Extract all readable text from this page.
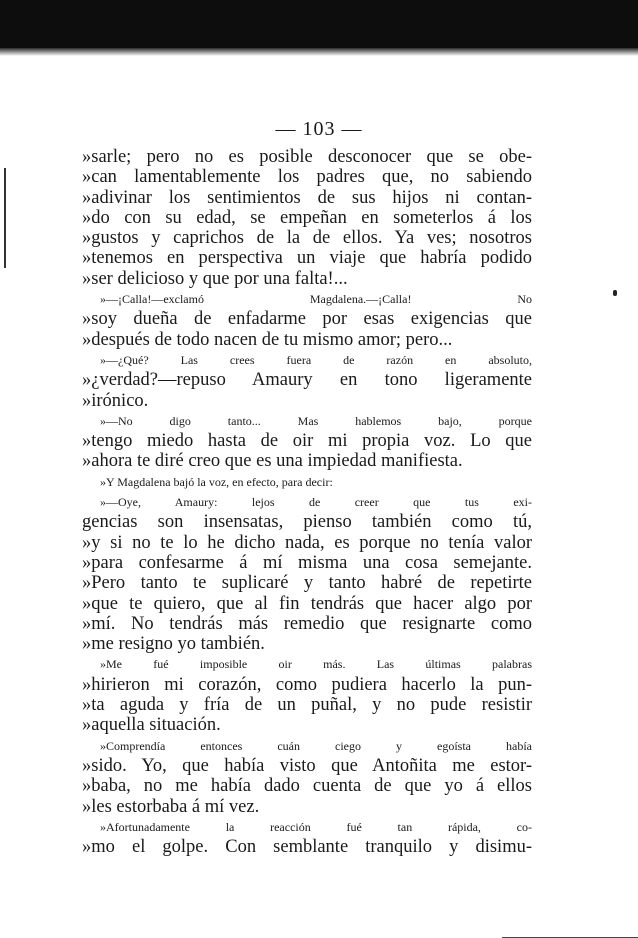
— 103 —
»sarle; pero no es posible desconocer que se obe-
»can lamentablemente los padres que, no sabiendo
»adivinar los sentimientos de sus hijos ni contan-
»do con su edad, se empeñan en someterlos á los
»gustos y caprichos de la de ellos. Ya ves; nosotros
»tenemos en perspectiva un viaje que habría podido
»ser delicioso y que por una falta!...
»—¡Calla!—exclamó Magdalena.—¡Calla! No
»soy dueña de enfadarme por esas exigencias que
»después de todo nacen de tu mismo amor; pero...
»—¿Qué? Las crees fuera de razón en absoluto,
»¿verdad?—repuso Amaury en tono ligeramente
»irónico.
»—No digo tanto... Mas hablemos bajo, porque
»tengo miedo hasta de oir mi propia voz. Lo que
»ahora te diré creo que es una impiedad manifiesta.
»Y Magdalena bajó la voz, en efecto, para decir:
»—Oye, Amaury: lejos de creer que tus exi-
gencias son insensatas, pienso también como tú,
»y si no te lo he dicho nada, es porque no tenía valor
»para confesarme á mí misma una cosa semejante.
»Pero tanto te suplicaré y tanto habré de repetirte
»que te quiero, que al fin tendrás que hacer algo por
»mí. No tendrás más remedio que resignarte como
»me resigno yo también.
»Me fué imposible oir más. Las últimas palabras
»hirieron mi corazón, como pudiera hacerlo la pun-
»ta aguda y fría de un puñal, y no pude resistir
»aquella situación.
»Comprendía entonces cuán ciego y egoísta había
»sido. Yo, que había visto que Antoñita me estor-
»baba, no me había dado cuenta de que yo á ellos
»les estorbaba á mí vez.
»Afortunadamente la reacción fué tan rápida, co-
»mo el golpe. Con semblante tranquilo y disimu-
